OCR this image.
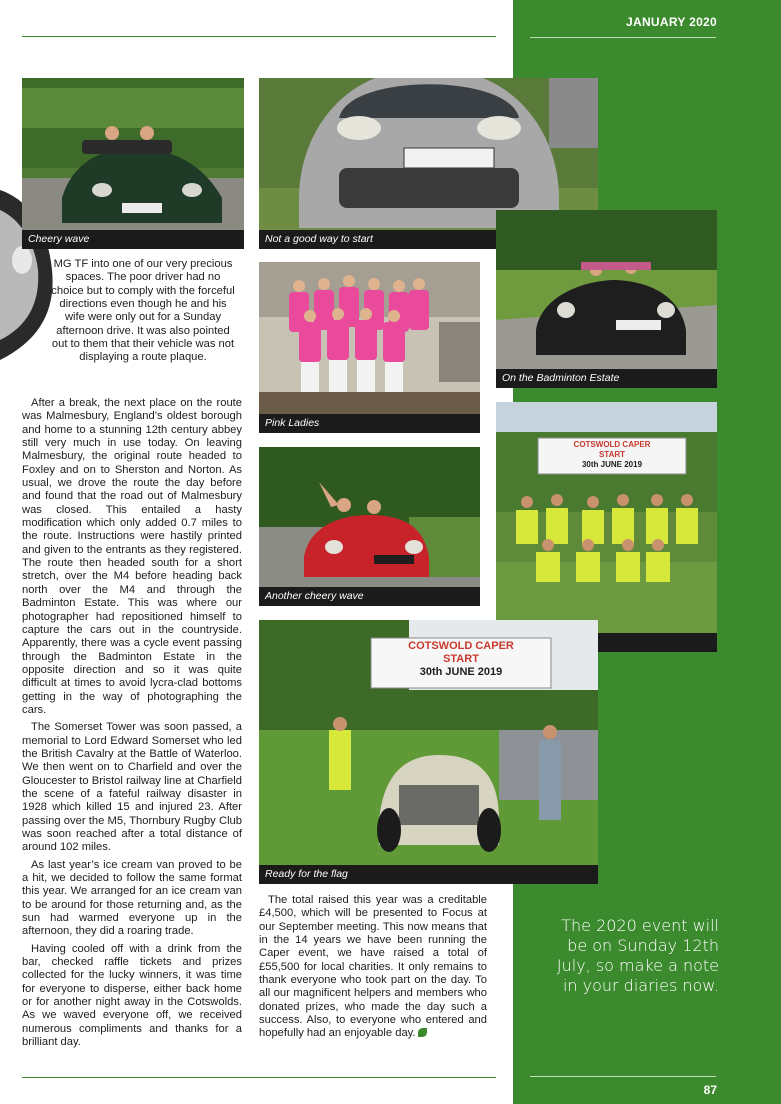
JANUARY 2020
87
The 2020 event will be on Sunday 12th July, so make a note in your diaries now.
Cheery wave	Not a good way to start
On the Badminton Estate
Pink Ladies
COTSWOLD CAPER
START
30th JUNE 2019
Another cheery wave
COTSWOLD CAPER
START
30th JUNE 2019
Ready for the flag
MG TF into one of our very precious spaces. The poor driver had no choice but to comply with the forceful directions even though he and his wife were only out for a Sunday afternoon drive. It was also pointed out to them that their vehicle was not displaying a route plaque.

After a break, the next place on the route was Malmesbury, England’s oldest borough and home to a stunning 12th century abbey still very much in use today. On leaving Malmesbury, the original route headed to Foxley and on to Sherston and Norton. As usual, we drove the route the day before and found that the road out of Malmesbury was closed. This entailed a hasty modification which only added 0.7 miles to the route. Instructions were hastily printed and given to the entrants as they registered. The route then headed south for a short stretch, over the M4 before heading back north over the M4 and through the Badminton Estate. This was where our photographer had repositioned himself to capture the cars out in the countryside. Apparently, there was a cycle event passing through the Badminton Estate in the opposite direction and so it was quite difficult at times to avoid lycra-clad bottoms getting in the way of photographing the cars.

The Somerset Tower was soon passed, a memorial to Lord Edward Somerset who led the British Cavalry at the Battle of Waterloo. We then went on to Charfield and over the Gloucester to Bristol railway line at Charfield the scene of a fateful railway disaster in 1928 which killed 15 and injured 23. After passing over the M5, Thornbury Rugby Club was soon reached after a total distance of around 102 miles.

As last year’s ice cream van proved to be a hit, we decided to follow the same format this year. We arranged for an ice cream van to be around for those returning and, as the sun had warmed everyone up in the afternoon, they did a roaring trade.

Having cooled off with a drink from the bar, checked raffle tickets and prizes collected for the lucky winners, it was time for everyone to disperse, either back home or for another night away in the Cotswolds. As we waved everyone off, we received numerous compliments and thanks for a brilliant day.

The total raised this year was a creditable £4,500, which will be presented to Focus at our September meeting. This now means that in the 14 years we have been running the Caper event, we have raised a total of £55,500 for local charities. It only remains to thank everyone who took part on the day. To all our magnificent helpers and members who donated prizes, who made the day such a success. Also, to everyone who entered and hopefully had an enjoyable day.
